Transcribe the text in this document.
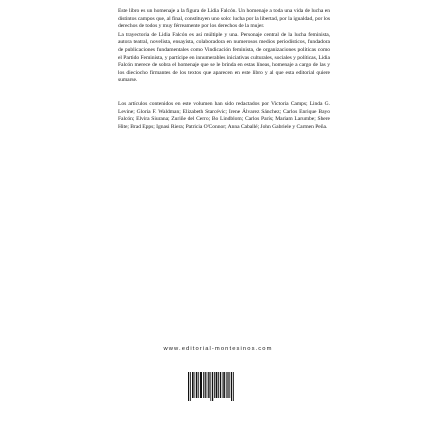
Este libro es un homenaje a la figura de Lidia Falcón. Un homenaje a toda una vida de lucha en distintos campos que, al final, constituyen uno solo: lucha por la libertad, por la igualdad, por los derechos de todos y muy férreamente por los derechos de la mujer.

La trayectoria de Lidia Falcón es así múltiple y una. Personaje central de la lucha feminista, autora teatral, novelista, ensayista, colaboradora en numerosos medios periodísticos, fundadora de publicaciones fundamentales como Vindicación feminista, de organizaciones políticas como el Partido Feminista, y partícipe en innumerables iniciativas culturales, sociales y políticas, Lidia Falcón merece de sobra el homenaje que se le brinda en estas líneas, homenaje a cargo de las y los dieciocho firmantes de los textos que aparecen en este libro y al que esta editorial quiere sumarse.

Los artículos contenidos en este volumen han sido redactados por Victoria Camps; Linda G. Levine; Gloria F. Waldman; Elizabeth Starcévic; Irene Álvarez Sánchez; Carlos Enrique Bayo Falcón; Elvira Siurana; Zuriñe del Cerro; Bo Lindblom; Carlos París; Mariam Larumbe; Shere Hite; Brad Epps; Ignasi Riera; Patricia O'Connor; Anna Caballé; John Gabriele y Carmen Peña.

www.editorial-montesinos.com
